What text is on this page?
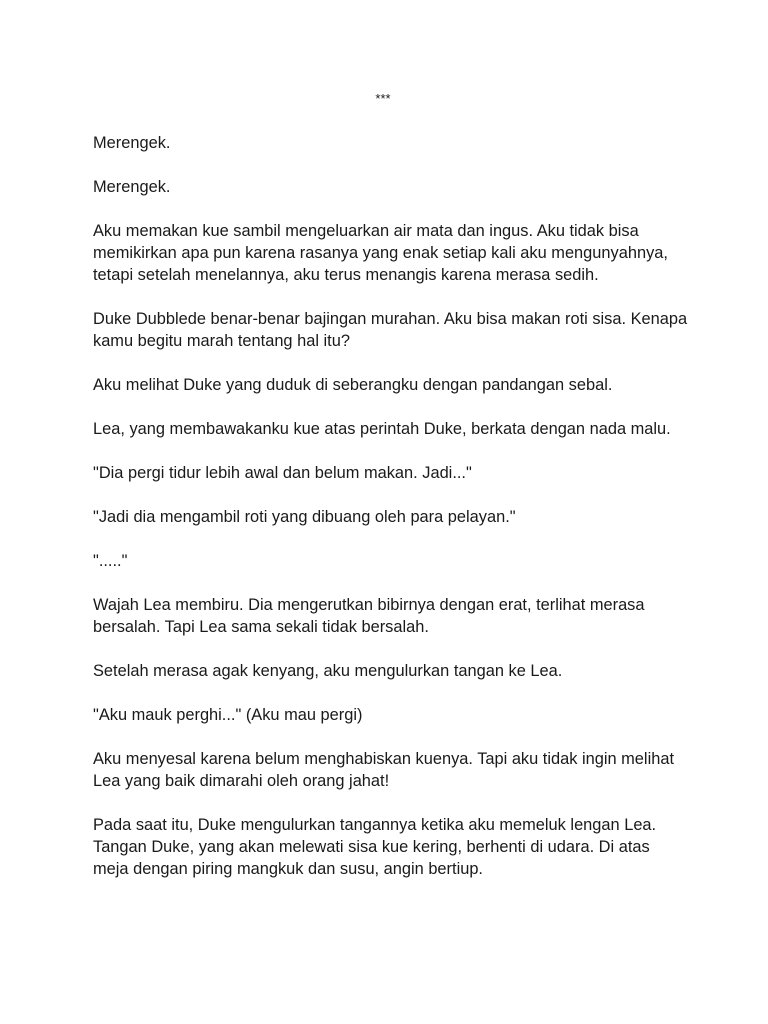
***

Merengek.

Merengek.

Aku memakan kue sambil mengeluarkan air mata dan ingus. Aku tidak bisa memikirkan apa pun karena rasanya yang enak setiap kali aku mengunyahnya, tetapi setelah menelannya, aku terus menangis karena merasa sedih.

Duke Dubblede benar-benar bajingan murahan. Aku bisa makan roti sisa. Kenapa kamu begitu marah tentang hal itu?

Aku melihat Duke yang duduk di seberangku dengan pandangan sebal.

Lea, yang membawakanku kue atas perintah Duke, berkata dengan nada malu.

"Dia pergi tidur lebih awal dan belum makan. Jadi..."

"Jadi dia mengambil roti yang dibuang oleh para pelayan."

"....."

Wajah Lea membiru. Dia mengerutkan bibirnya dengan erat, terlihat merasa bersalah. Tapi Lea sama sekali tidak bersalah.

Setelah merasa agak kenyang, aku mengulurkan tangan ke Lea.

"Aku mauk perghi..." (Aku mau pergi)

Aku menyesal karena belum menghabiskan kuenya. Tapi aku tidak ingin melihat Lea yang baik dimarahi oleh orang jahat!

Pada saat itu, Duke mengulurkan tangannya ketika aku memeluk lengan Lea. Tangan Duke, yang akan melewati sisa kue kering, berhenti di udara. Di atas meja dengan piring mangkuk dan susu, angin bertiup.
